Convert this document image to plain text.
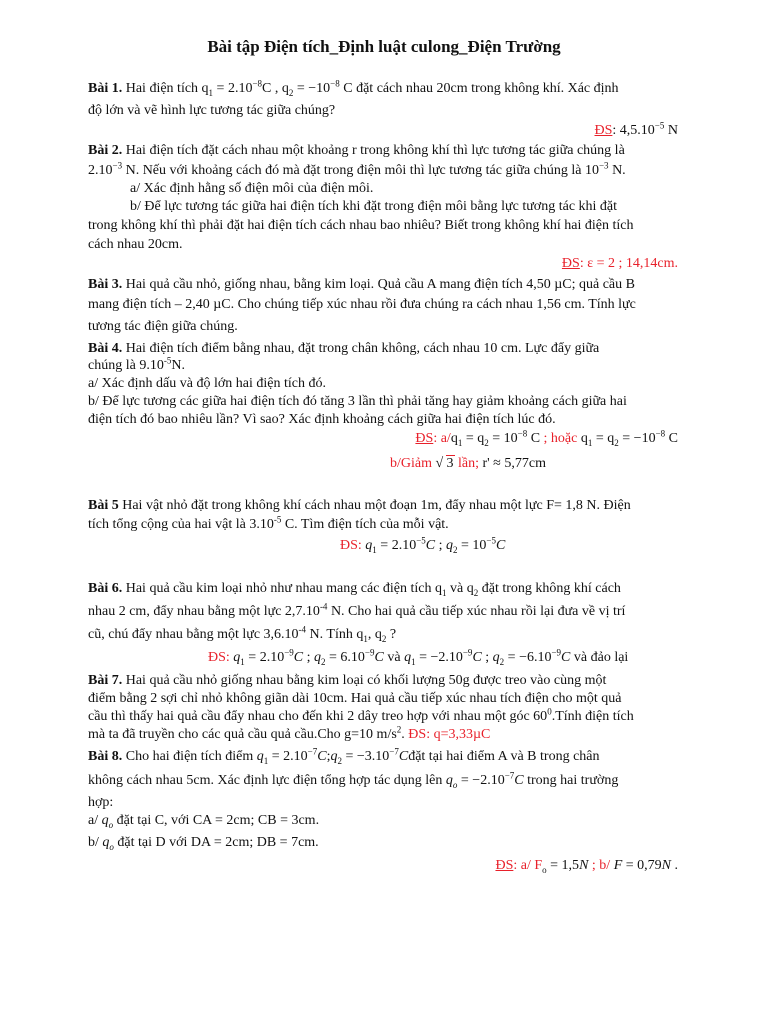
Bài tập Điện tích_Định luật culong_Điện Trường
Bài 1. Hai điện tích $q_1 = 2.10^{-8}C$ , $q_2 = -10^{-8}$ C đặt cách nhau 20cm trong không khí. Xác định
độ lớn và vẽ hình lực tương tác giữa chúng?
ĐS: $4,5.10^{-5}$ N
Bài 2. Hai điện tích đặt cách nhau một khoảng r trong không khí thì lực tương tác giữa chúng là
$2.10^{-3}$ N. Nếu với khoảng cách đó mà đặt trong điện môi thì lực tương tác giữa chúng là $10^{-3}$ N.
a/ Xác định hằng số điện môi của điện môi.
b/ Để lực tương tác giữa hai điện tích khi đặt trong điện môi bằng lực tương tác khi đặt
trong không khí thì phải đặt hai điện tích cách nhau bao nhiêu? Biết trong không khí hai điện tích
cách nhau 20cm.
ĐS: ε = 2 ; 14,14cm.
Bài 3. Hai quả cầu nhỏ, giống nhau, bằng kim loại. Quả cầu A mang điện tích 4,50 µC; quả cầu B
mang điện tích – 2,40 µC. Cho chúng tiếp xúc nhau rồi đưa chúng ra cách nhau 1,56 cm. Tính lực
tương tác điện giữa chúng.
Bài 4. Hai điện tích điểm bằng nhau, đặt trong chân không, cách nhau 10 cm. Lực đẩy giữa
chúng là $9.10^{-5}N$.
a/ Xác định dấu và độ lớn hai điện tích đó.
b/ Để lực tương các giữa hai điện tích đó tăng 3 lần thì phải tăng hay giảm khoảng cách giữa hai
điện tích đó bao nhiêu lần? Vì sao? Xác định khoảng cách giữa hai điện tích lúc đó.
ĐS: $a/q_1 = q_2 = 10^{-8}$ C ; hoặc $q_1 = q_2 = -10^{-8}$ C
b/Giảm √ 3 lần; r' ≈ 5,77cm
Bài 5 Hai vật nhỏ đặt trong không khí cách nhau một đoạn 1m, đẩy nhau một lực F= 1,8 N. Điện
tích tổng cộng của hai vật là $3.10^{-5}$ C. Tìm điện tích của mỗi vật.
ĐS: $q_1 = 2.10^{-5}C$ ; $q_2 = 10^{-5}C$
Bài 6. Hai quả cầu kim loại nhỏ như nhau mang các điện tích $q_1$ và $q_2$ đặt trong không khí cách
nhau 2 cm, đẩy nhau bằng một lực $2,7.10^{-4}$ N. Cho hai quả cầu tiếp xúc nhau rồi lại đưa về vị trí
cũ, chú đẩy nhau bằng một lực $3,6.10^{-4}$ N. Tính $q_1$, $q_2$ ?
ĐS: $q_1 = 2.10^{-9}C$ ; $q_2 = 6.10^{-9}C$ và $q_1 = -2.10^{-9}C$ ; $q_2 = -6.10^{-9}C$ và đảo lại
Bài 7. Hai quả cầu nhỏ giống nhau bằng kim loại có khối lượng 50g được treo vào cùng một
điểm bằng 2 sợi chỉ nhỏ không giãn dài 10cm. Hai quả cầu tiếp xúc nhau tích điện cho một quả
cầu thì thấy hai quả cầu đẩy nhau cho đến khi 2 dây treo hợp với nhau một góc $60^0.Tính$ điện tích
mà ta đã truyền cho các quả cầu quả cầu.Cho g=10 $m/s^2$. ĐS: q=3,33µC
Bài 8. Cho hai điện tích điểm $q_1$ = $2.10^{-7}C;q_2$ = $-3.10^{-7}Cđặt$ tại hai điểm A và B trong chân
không cách nhau 5cm. Xác định lực điện tổng hợp tác dụng lên $q_o = -2.10^{-7}C$ trong hai trường
hợp:
a/ $q_o$ đặt tại C, với CA = 2cm; CB = 3cm.
b/ $q_o$ đặt tại D với DA = 2cm; DB = 7cm.
ĐS: a/ $F_o = 1,5N$ ; b/ F = 0,79N .
